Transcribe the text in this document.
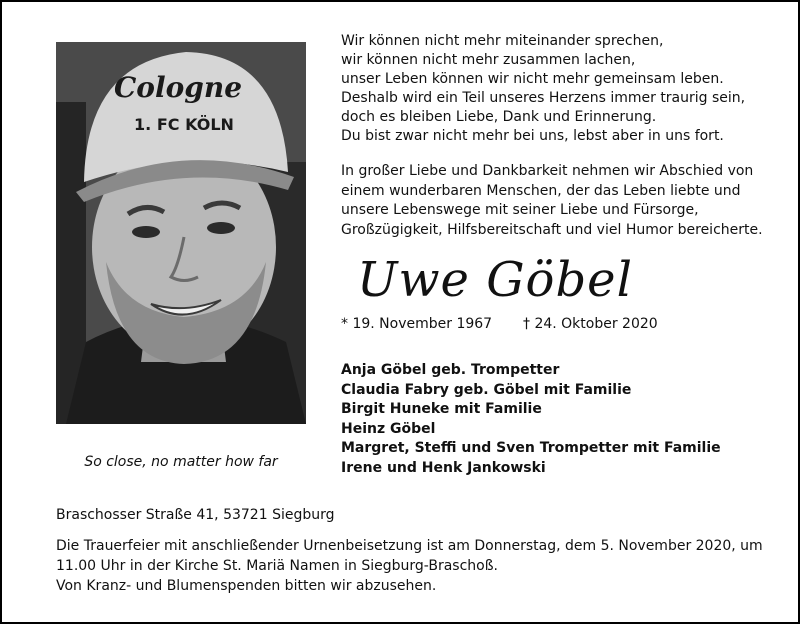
Cologne
1. FC KÖLN
So close, no matter how far
Wir können nicht mehr miteinander sprechen,
wir können nicht mehr zusammen lachen,
unser Leben können wir nicht mehr gemeinsam leben.
Deshalb wird ein Teil unseres Herzens immer traurig sein,
doch es bleiben Liebe, Dank und Erinnerung.
Du bist zwar nicht mehr bei uns, lebst aber in uns fort.
In großer Liebe und Dankbarkeit nehmen wir Abschied von
einem wunderbaren Menschen, der das Leben liebte und
unsere Lebenswege mit seiner Liebe und Fürsorge,
Großzügigkeit, Hilfsbereitschaft und viel Humor bereicherte.
Uwe Göbel
* 19. November 1967 † 24. Oktober 2020
Anja Göbel geb. Trompetter
Claudia Fabry geb. Göbel mit Familie
Birgit Huneke mit Familie
Heinz Göbel
Margret, Steffi und Sven Trompetter mit Familie
Irene und Henk Jankowski
Braschosser Straße 41, 53721 Siegburg
Die Trauerfeier mit anschließender Urnenbeisetzung ist am Donnerstag, dem 5. November 2020, um
11.00 Uhr in der Kirche St. Mariä Namen in Siegburg-Braschoß.
Von Kranz- und Blumenspenden bitten wir abzusehen.
